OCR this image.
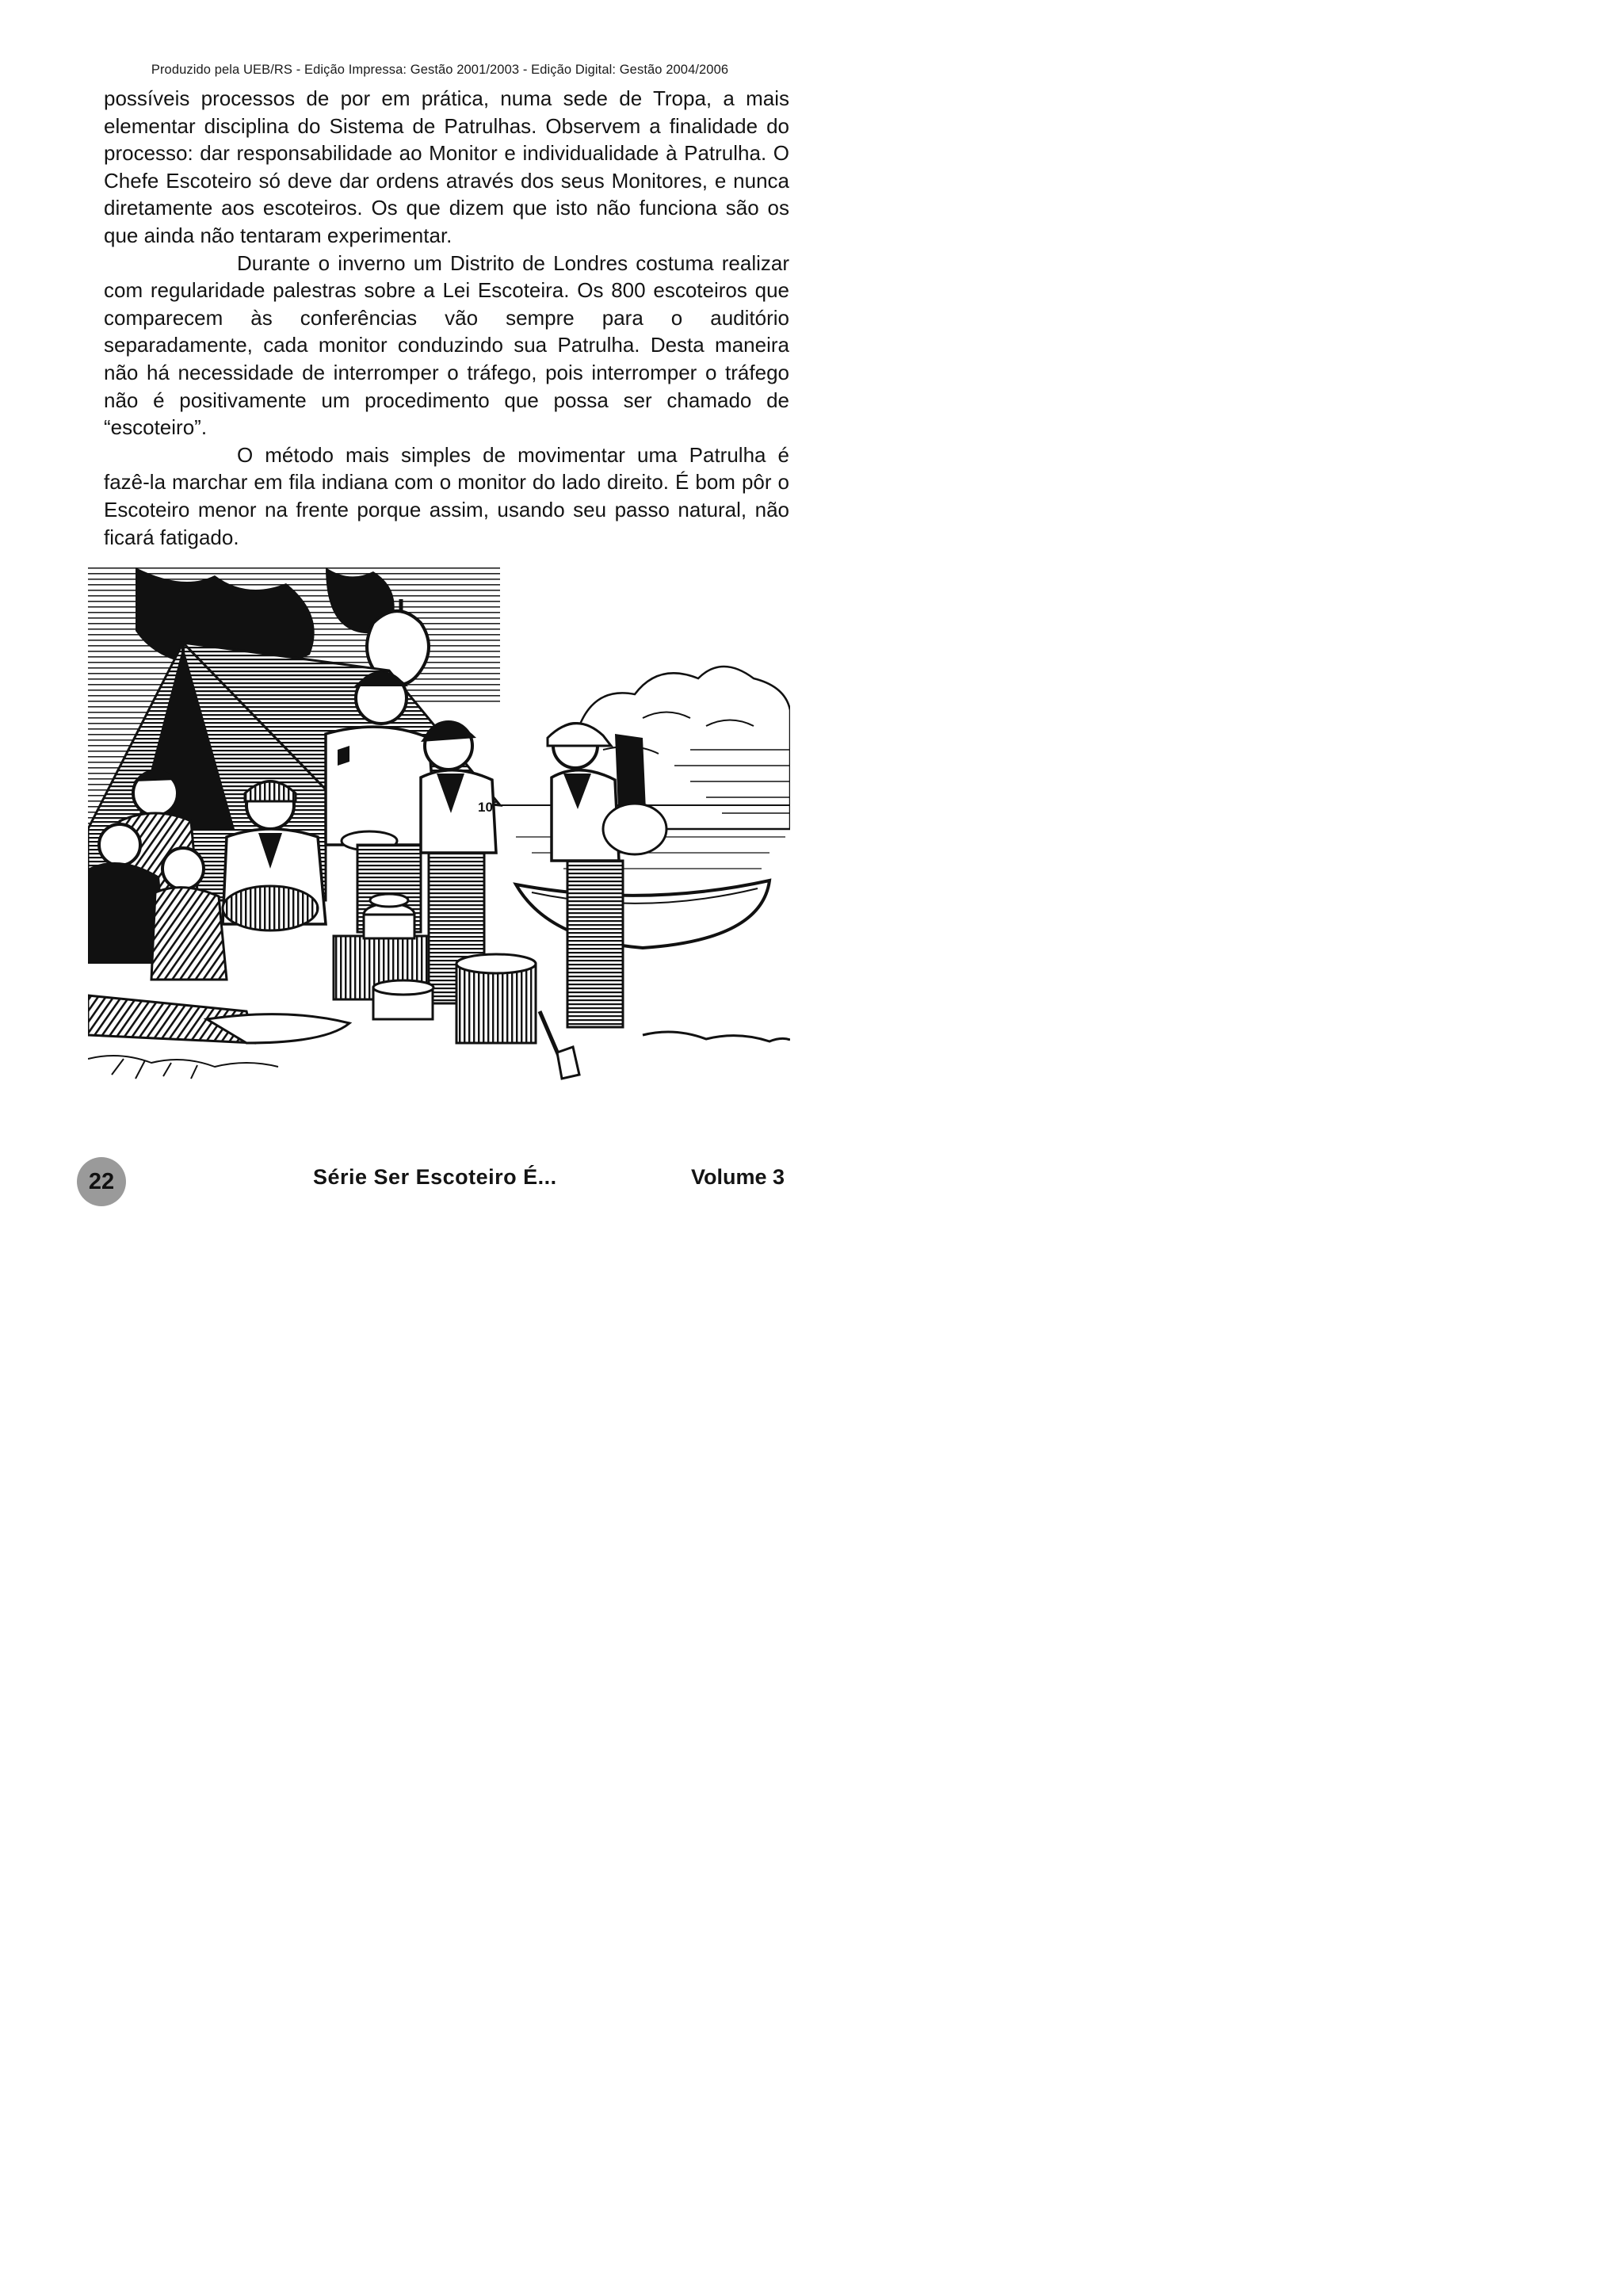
Produzido pela UEB/RS - Edição Impressa: Gestão 2001/2003 - Edição Digital: Gestão 2004/2006

possíveis processos de por em prática, numa sede de Tropa, a mais elementar disciplina do Sistema de Patrulhas. Observem a finalidade do processo: dar responsabilidade ao Monitor e individualidade à Patrulha. O Chefe Escoteiro só deve dar ordens através dos seus Monitores, e nunca diretamente aos escoteiros. Os que dizem que isto não funciona são os que ainda não tentaram experimentar.

Durante o inverno um Distrito de Londres costuma realizar com regularidade palestras sobre a Lei Escoteira. Os 800 escoteiros que comparecem às conferências vão sempre para o auditório separadamente, cada monitor conduzindo sua Patrulha. Desta maneira não há necessidade de interromper o tráfego, pois interromper o tráfego não é positivamente um procedimento que possa ser chamado de “escoteiro”.

O método mais simples de movimentar uma Patrulha é fazê-la marchar em fila indiana com o monitor do lado direito. É bom pôr o Escoteiro menor na frente porque assim, usando seu passo natural, não ficará fatigado.

10
22	Série Ser Escoteiro É...	Volume 3
